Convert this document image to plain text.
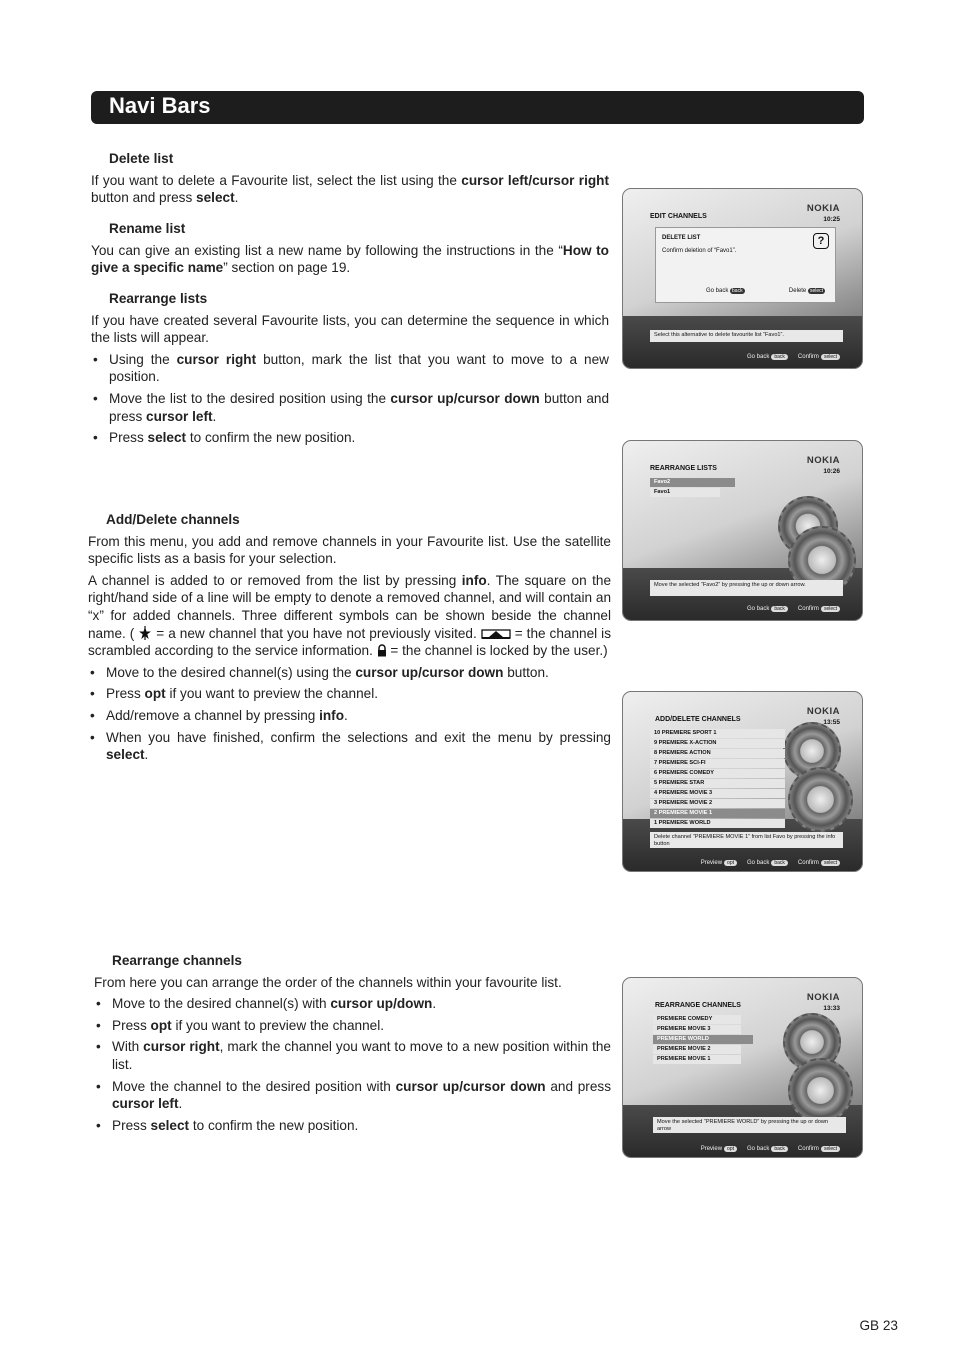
Navi Bars
Delete list

If you want to delete a Favourite list, select the list using the cursor left/cursor right button and press select.

Rename list

You can give an existing list a new name by following the instructions in the “How to give a specific name” section on page 19.

Rearrange lists

If you have created several Favourite lists, you can determine the sequence in which the lists will appear.

• Using the cursor right button, mark the list that you want to move to a new position.
• Move the list to the desired position using the cursor up/cursor down button and press cursor left.
• Press select to confirm the new position.
Add/Delete channels

From this menu, you add and remove channels in your Favourite list. Use the satellite specific lists as a basis for your selection.

A channel is added to or removed from the list by pressing info. The square on the right/hand side of a line will be empty to denote a removed channel, and will contain an “x” for added channels. Three different symbols can be shown beside the channel name. (  = a new channel that you have not previously visited.  = the channel is scrambled according to the service information.  = the channel is locked by the user.)

• Move to the desired channel(s) using the cursor up/cursor down button.
• Press opt if you want to preview the channel.
• Add/remove a channel by pressing info.
• When you have finished, confirm the selections and exit the menu by pressing select.
Rearrange channels

From here you can arrange the order of the channels within your favourite list.

• Move to the desired channel(s) with cursor up/down.
• Press opt if you want to preview the channel.
• With cursor right, mark the channel you want to move to a new position within the list.
• Move the channel to the desired position with cursor up/cursor down and press cursor left.
• Press select to confirm the new position.
EDIT CHANNELS
NOKIA
10:25
DELETE LIST
Confirm deletion of “Favo1”.
?
Go back back	Delete select
Select this alternative to delete favourite list “Favo1”.
Go back back	Confirm select
REARRANGE LISTS
NOKIA
10:26
Favo2
Favo1
Move the selected “Favo2” by pressing the up or down arrow.
Go back back	Confirm select
ADD/DELETE CHANNELS
NOKIA
13:55
10 PREMIERE SPORT 1
9 PREMIERE X-ACTION
8 PREMIERE ACTION
7 PREMIERE SCI-FI
6 PREMIERE COMEDY
5 PREMIERE STAR
4 PREMIERE MOVIE 3
3 PREMIERE MOVIE 2
2 PREMIERE MOVIE 1
1 PREMIERE WORLD
Delete channel “PREMIERE MOVIE 1” from list Favo by pressing the info button
Preview opt	Go back back	Confirm select
REARRANGE CHANNELS
NOKIA
13:33
PREMIERE COMEDY
PREMIERE MOVIE 3
PREMIERE WORLD
PREMIERE MOVIE 2
PREMIERE MOVIE 1
Move the selected “PREMIERE WORLD” by pressing the up or down arrow
Preview opt	Go back back	Confirm select
GB 23
